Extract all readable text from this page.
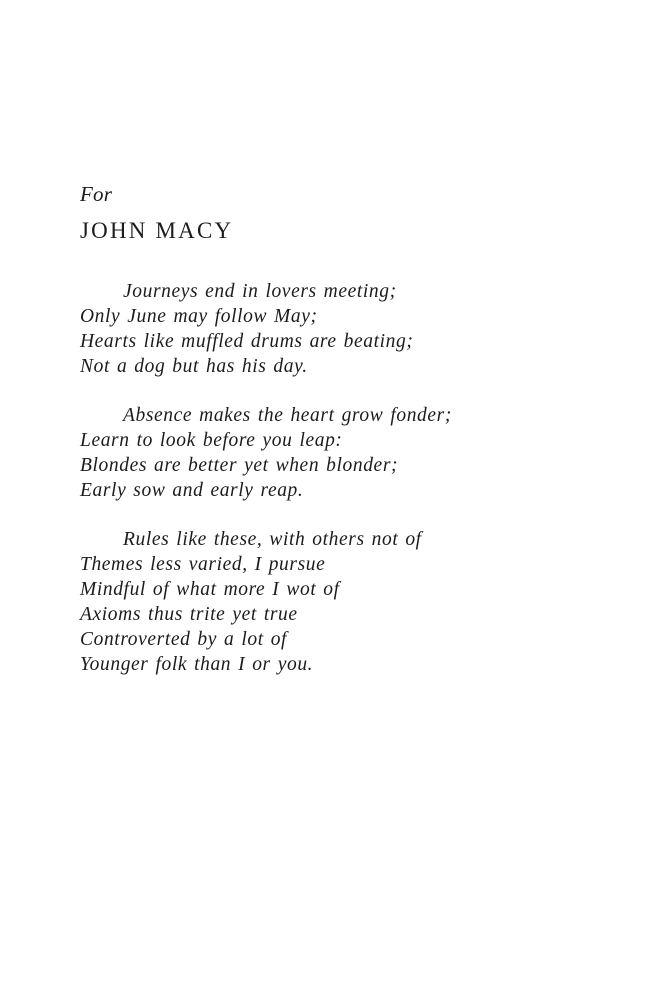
For

JOHN MACY

Journeys end in lovers meeting;
Only June may follow May;
Hearts like muffled drums are beating;
Not a dog but has his day.
Absence makes the heart grow fonder;
Learn to look before you leap:
Blondes are better yet when blonder;
Early sow and early reap.
Rules like these, with others not of
Themes less varied, I pursue
Mindful of what more I wot of
Axioms thus trite yet true
Controverted by a lot of
Younger folk than I or you.
